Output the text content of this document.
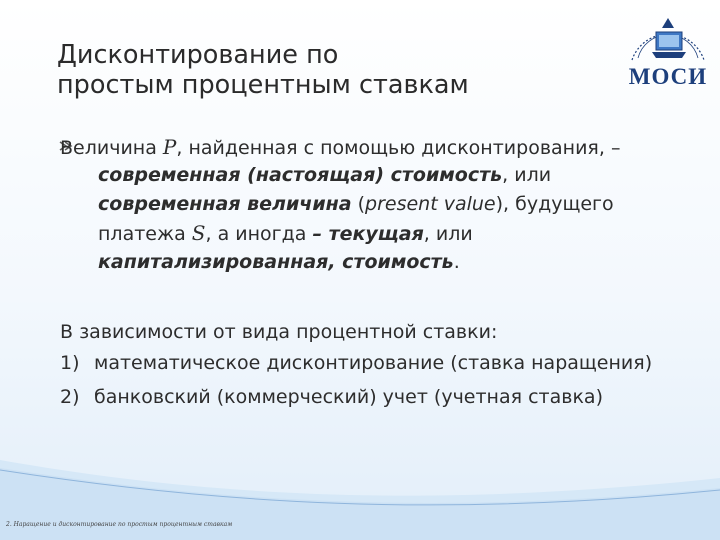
Дисконтирование по
простым процентным ставкам	МОСИ
Величина P, найденная с помощью дисконтирования, –
современная (настоящая) стоимость, или
современная величина (present value), будущего
платежа S, а иногда – текущая, или
капитализированная, стоимость.
В зависимости от вида процентной ставки:
1) математическое дисконтирование (ставка наращения)
2) банковский (коммерческий) учет (учетная ставка)
2. Наращение и дисконтирование по простым процентным ставкам
